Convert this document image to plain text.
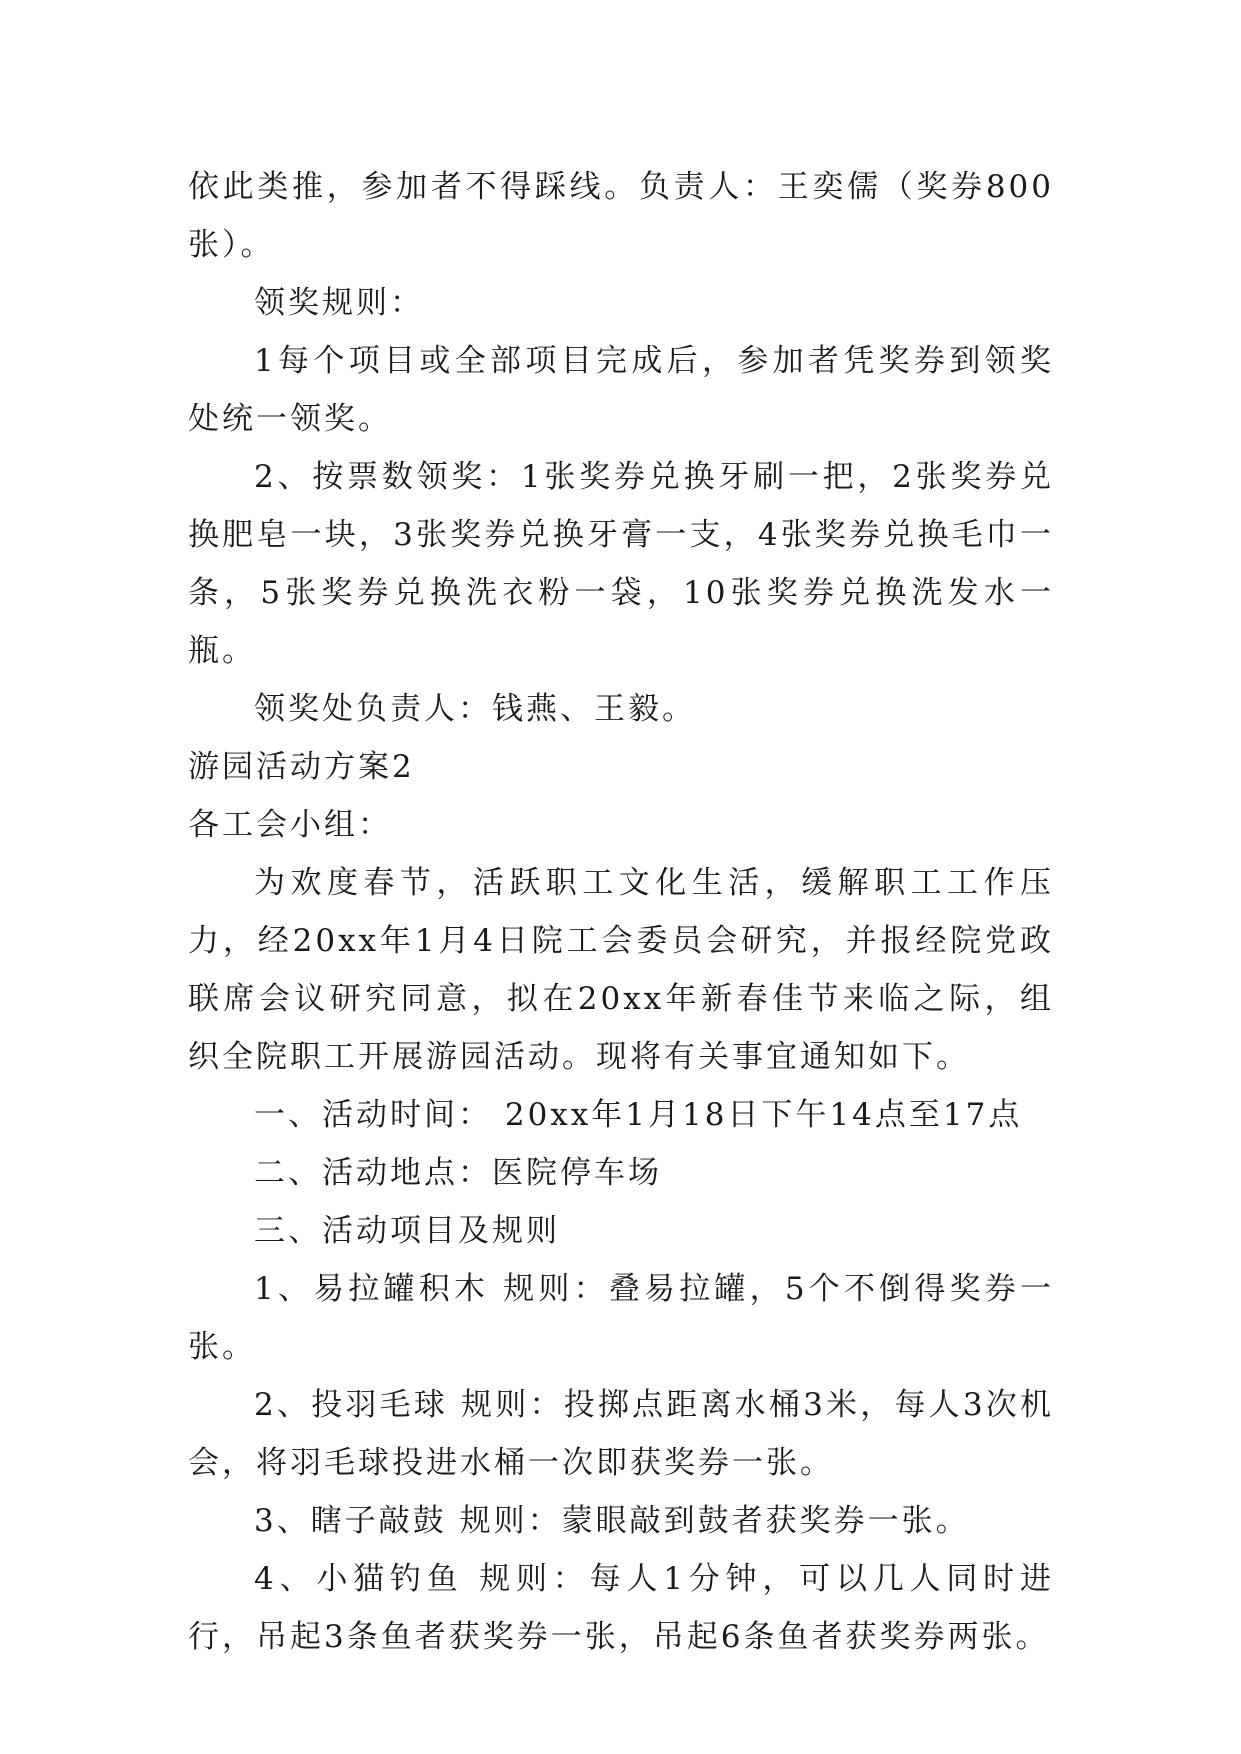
依此类推，参加者不得踩线。负责人：王奕儒（奖券800张）。

领奖规则：

1每个项目或全部项目完成后，参加者凭奖券到领奖处统一领奖。

2、按票数领奖：1张奖券兑换牙刷一把，2张奖券兑换肥皂一块，3张奖券兑换牙膏一支，4张奖券兑换毛巾一条，5张奖券兑换洗衣粉一袋，10张奖券兑换洗发水一瓶。

领奖处负责人：钱燕、王毅。

游园活动方案2

各工会小组：

为欢度春节，活跃职工文化生活，缓解职工工作压力，经20xx年1月4日院工会委员会研究，并报经院党政联席会议研究同意，拟在20xx年新春佳节来临之际，组织全院职工开展游园活动。现将有关事宜通知如下。

一、活动时间： 20xx年1月18日下午14点至17点

二、活动地点：医院停车场

三、活动项目及规则

1、易拉罐积木 规则：叠易拉罐，5个不倒得奖券一张。

2、投羽毛球 规则：投掷点距离水桶3米，每人3次机会，将羽毛球投进水桶一次即获奖券一张。

3、瞎子敲鼓 规则：蒙眼敲到鼓者获奖券一张。

4、小猫钓鱼 规则：每人1分钟，可以几人同时进行，吊起3条鱼者获奖券一张，吊起6条鱼者获奖券两张。
